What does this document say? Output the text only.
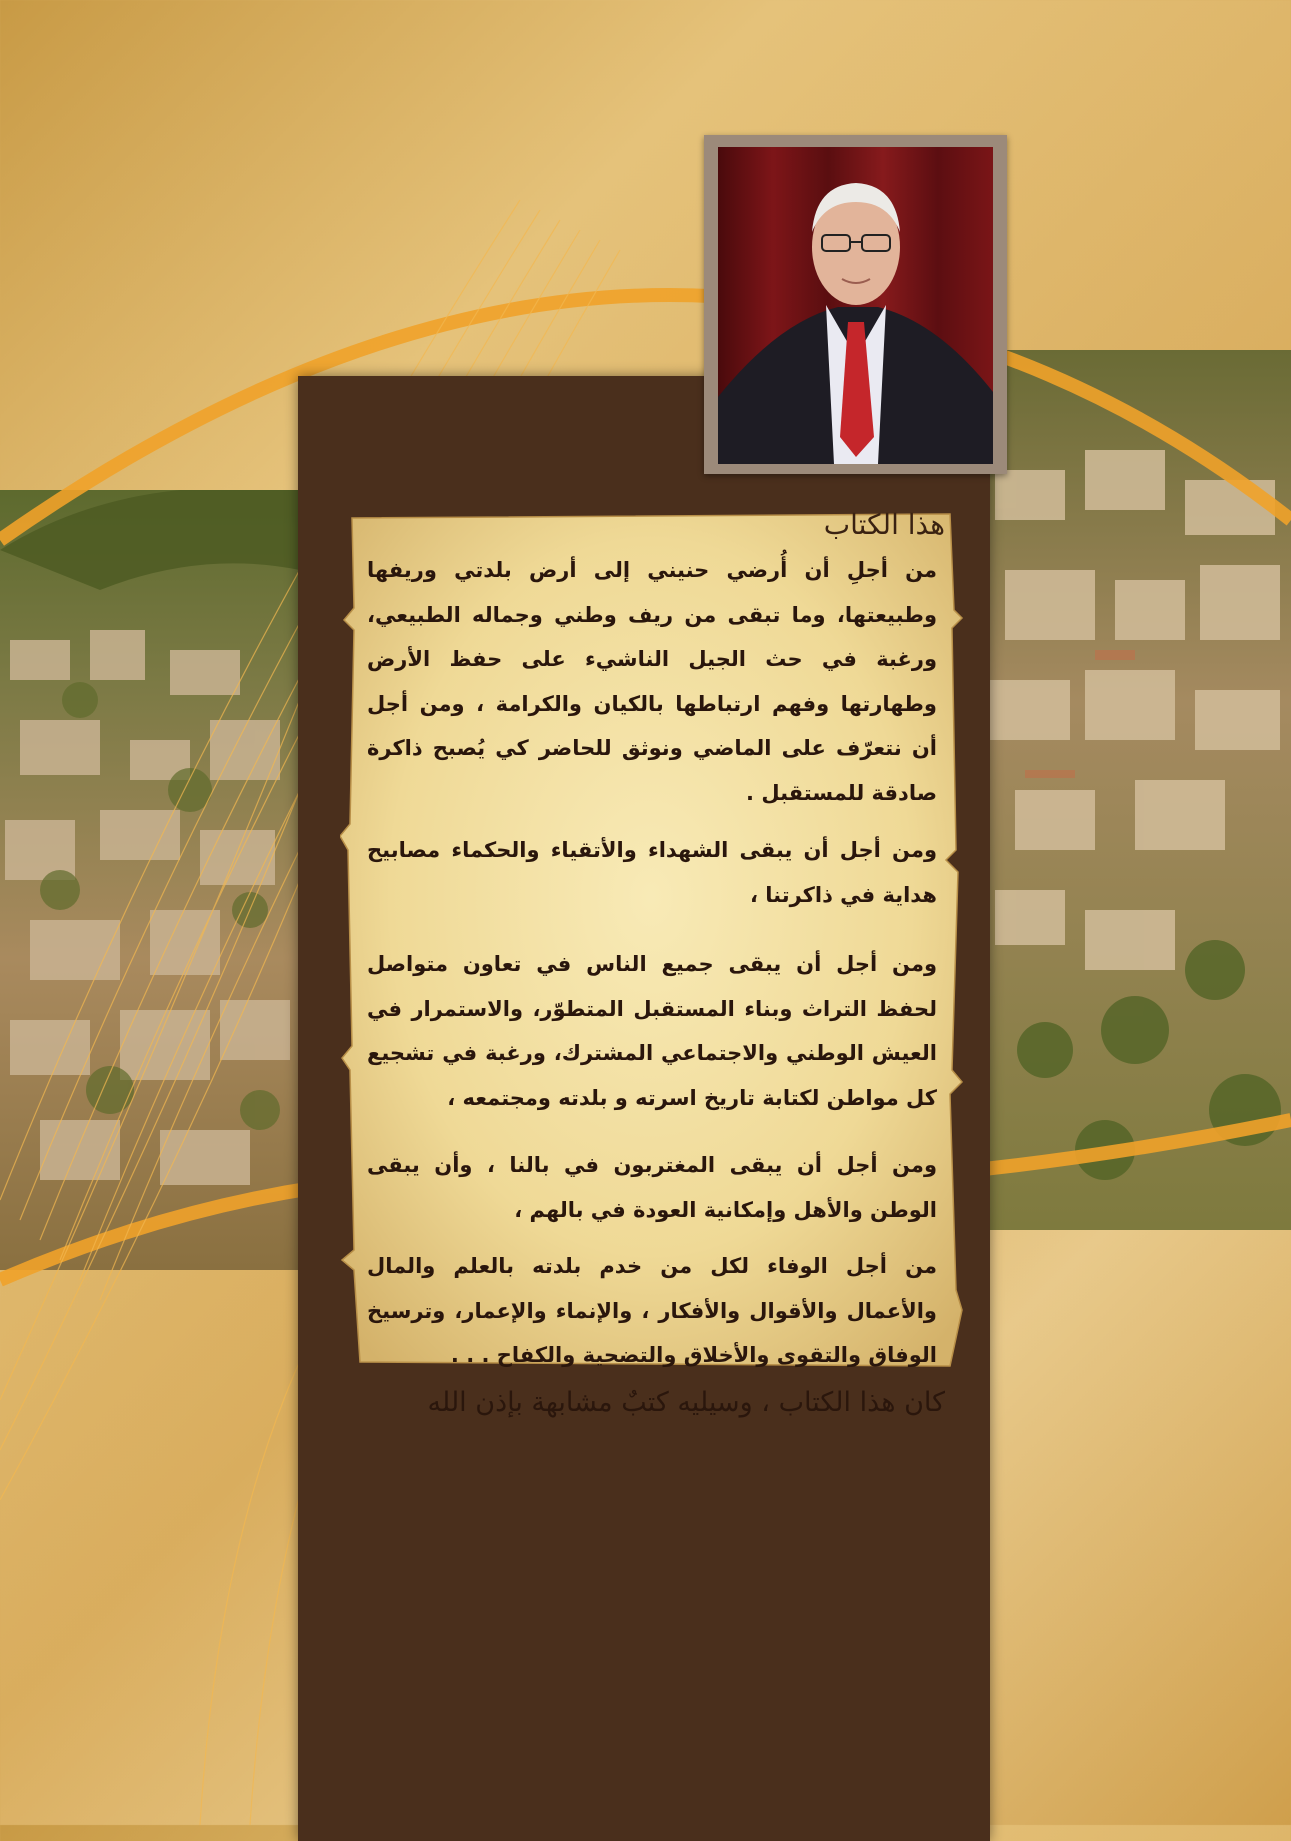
هذا الكتاب
من أجلِ أن أُرضي حنيني إلى أرض بلدتي وريفها وطبيعتها، وما تبقى من ريف وطني وجماله الطبيعي، ورغبة في حث الجيل الناشيء على حفظ الأرض وطهارتها وفهم ارتباطها بالكيان والكرامة ، ومن أجل أن نتعرّف على الماضي ونوثق للحاضر كي يُصبح ذاكرة صادقة للمستقبل .
ومن أجل أن يبقى الشهداء والأتقياء والحكماء مصابيح هداية في ذاكرتنا ،
ومن أجل أن يبقى جميع الناس في تعاون متواصل لحفظ التراث وبناء المستقبل المتطوّر، والاستمرار في العيش الوطني والاجتماعي المشترك، ورغبة في تشجيع كل مواطن لكتابة تاريخ اسرته و بلدته ومجتمعه ،
ومن أجل أن يبقى المغتربون في بالنا ، وأن يبقى الوطن والأهل وإمكانية العودة في بالهم ،
من أجل الوفاء لكل من خدم بلدته بالعلم والمال والأعمال والأقوال والأفكار ، والإنماء والإعمار، وترسيخ الوفاق والتقوى والأخلاق والتضحية والكفاح . . .
كان هذا الكتاب ، وسيليه كتبٌ مشابهة بإذن الله
